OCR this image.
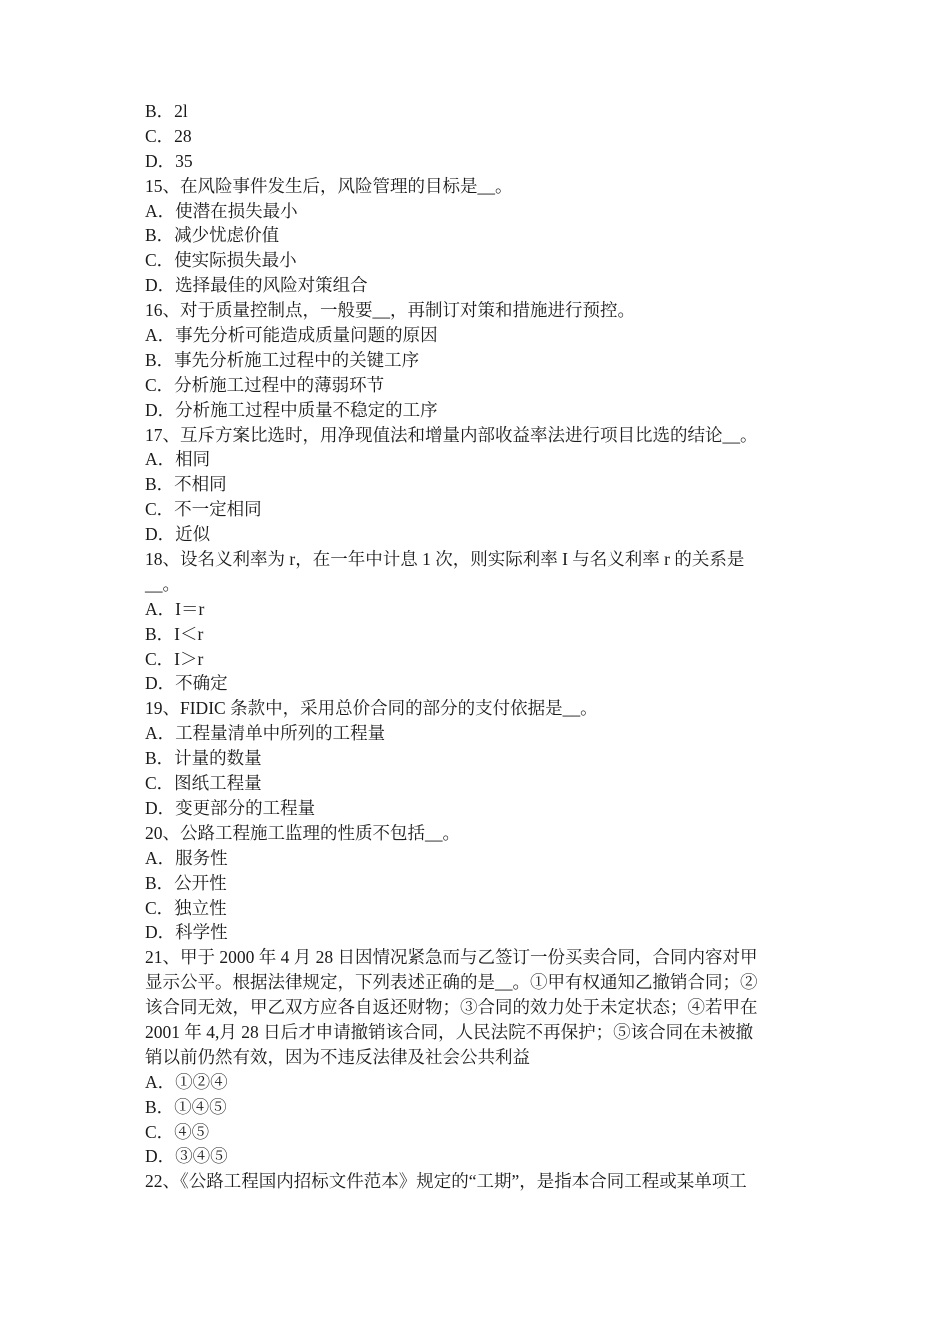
B．2l
C．28
D．35
15、在风险事件发生后，风险管理的目标是__。
A．使潜在损失最小
B．减少忧虑价值
C．使实际损失最小
D．选择最佳的风险对策组合
16、对于质量控制点，一般要__，再制订对策和措施进行预控。
A．事先分析可能造成质量问题的原因
B．事先分析施工过程中的关键工序
C．分析施工过程中的薄弱环节
D．分析施工过程中质量不稳定的工序
17、互斥方案比选时，用净现值法和增量内部收益率法进行项目比选的结论__。
A．相同
B．不相同
C．不一定相同
D．近似
18、设名义利率为 r，在一年中计息 1 次，则实际利率 I 与名义利率 r 的关系是
__。
A．I＝r
B．I＜r
C．I＞r
D．不确定
19、FIDIC 条款中，采用总价合同的部分的支付依据是__。
A．工程量清单中所列的工程量
B．计量的数量
C．图纸工程量
D．变更部分的工程量
20、公路工程施工监理的性质不包括__。
A．服务性
B．公开性
C．独立性
D．科学性
21、甲于 2000 年 4 月 28 日因情况紧急而与乙签订一份买卖合同，合同内容对甲
显示公平。根据法律规定，下列表述正确的是__。①甲有权通知乙撤销合同；②
该合同无效，甲乙双方应各自返还财物；③合同的效力处于未定状态；④若甲在
2001 年 4,月 28 日后才申请撤销该合同，人民法院不再保护；⑤该合同在未被撤
销以前仍然有效，因为不违反法律及社会公共利益
A．①②④
B．①④⑤
C．④⑤
D．③④⑤
22、《公路工程国内招标文件范本》规定的“工期”，是指本合同工程或某单项工
